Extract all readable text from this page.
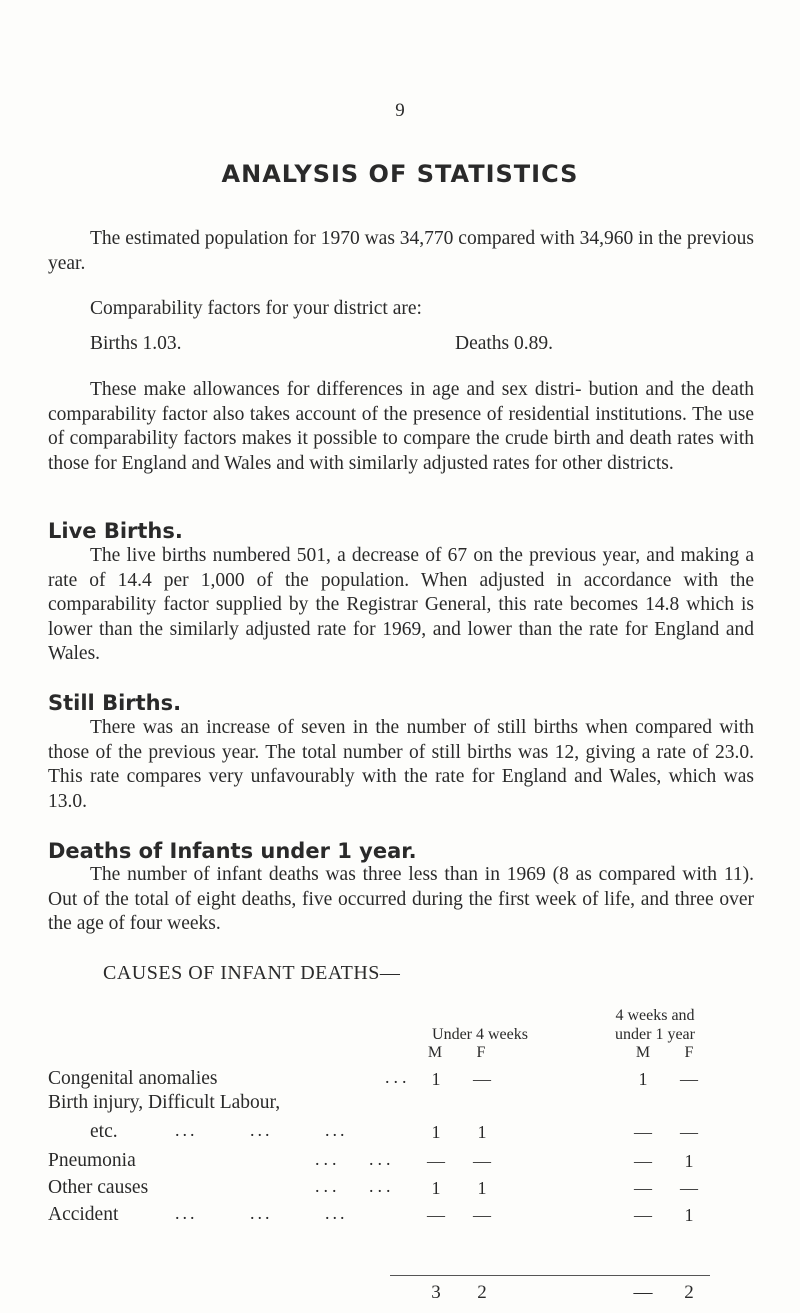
9
ANALYSIS OF STATISTICS

The estimated population for 1970 was 34,770 compared with 34,960 in the previous year.

Comparability factors for your district are:
Births 1.03.	Deaths 0.89.

These make allowances for differences in age and sex distri- bution and the death comparability factor also takes account of the presence of residential institutions. The use of comparability factors makes it possible to compare the crude birth and death rates with those for England and Wales and with similarly adjusted rates for other districts.

Live Births.

The live births numbered 501, a decrease of 67 on the previous year, and making a rate of 14.4 per 1,000 of the population. When adjusted in accordance with the comparability factor supplied by the Registrar General, this rate becomes 14.8 which is lower than the similarly adjusted rate for 1969, and lower than the rate for England and Wales.

Still Births.

There was an increase of seven in the number of still births when compared with those of the previous year. The total number of still births was 12, giving a rate of 23.0. This rate compares very unfavourably with the rate for England and Wales, which was 13.0.

Deaths of Infants under 1 year.

The number of infant deaths was three less than in 1969 (8 as compared with 11). Out of the total of eight deaths, five occurred during the first week of life, and three over the age of four weeks.

CAUSES OF INFANT DEATHS—
Under 4 weeks
4 weeks and
under 1 year
M	F	M	F
Congenital anomalies	...	1	—	1	—
Birth injury, Difficult Labour,
etc.	... ... ...	1	1	—	—
Pneumonia	... ...	—	—	—	1
Other causes	... ...	1	1	—	—
Accident	... ... ...	—	—	—	1
3	2	—	2
